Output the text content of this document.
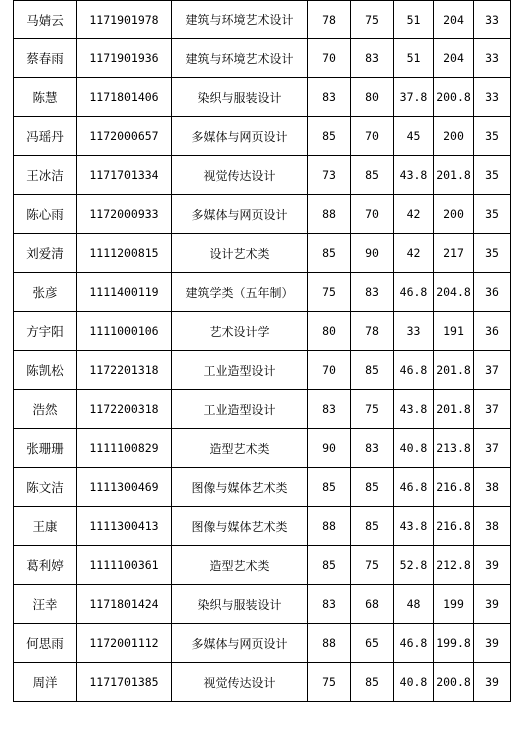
马婧云	1171901978	建筑与环境艺术设计	78	75	51	204	33
蔡春雨	1171901936	建筑与环境艺术设计	70	83	51	204	33
陈慧	1171801406	染织与服装设计	83	80	37.8	200.8	33
冯瑶丹	1172000657	多媒体与网页设计	85	70	45	200	35
王冰洁	1171701334	视觉传达设计	73	85	43.8	201.8	35
陈心雨	1172000933	多媒体与网页设计	88	70	42	200	35
刘爱清	1111200815	设计艺术类	85	90	42	217	35
张彦	1111400119	建筑学类（五年制）	75	83	46.8	204.8	36
方宇阳	1111000106	艺术设计学	80	78	33	191	36
陈凯松	1172201318	工业造型设计	70	85	46.8	201.8	37
浩然	1172200318	工业造型设计	83	75	43.8	201.8	37
张珊珊	1111100829	造型艺术类	90	83	40.8	213.8	37
陈文洁	1111300469	图像与媒体艺术类	85	85	46.8	216.8	38
王康	1111300413	图像与媒体艺术类	88	85	43.8	216.8	38
葛利婷	1111100361	造型艺术类	85	75	52.8	212.8	39
汪幸	1171801424	染织与服装设计	83	68	48	199	39
何思雨	1172001112	多媒体与网页设计	88	65	46.8	199.8	39
周洋	1171701385	视觉传达设计	75	85	40.8	200.8	39
